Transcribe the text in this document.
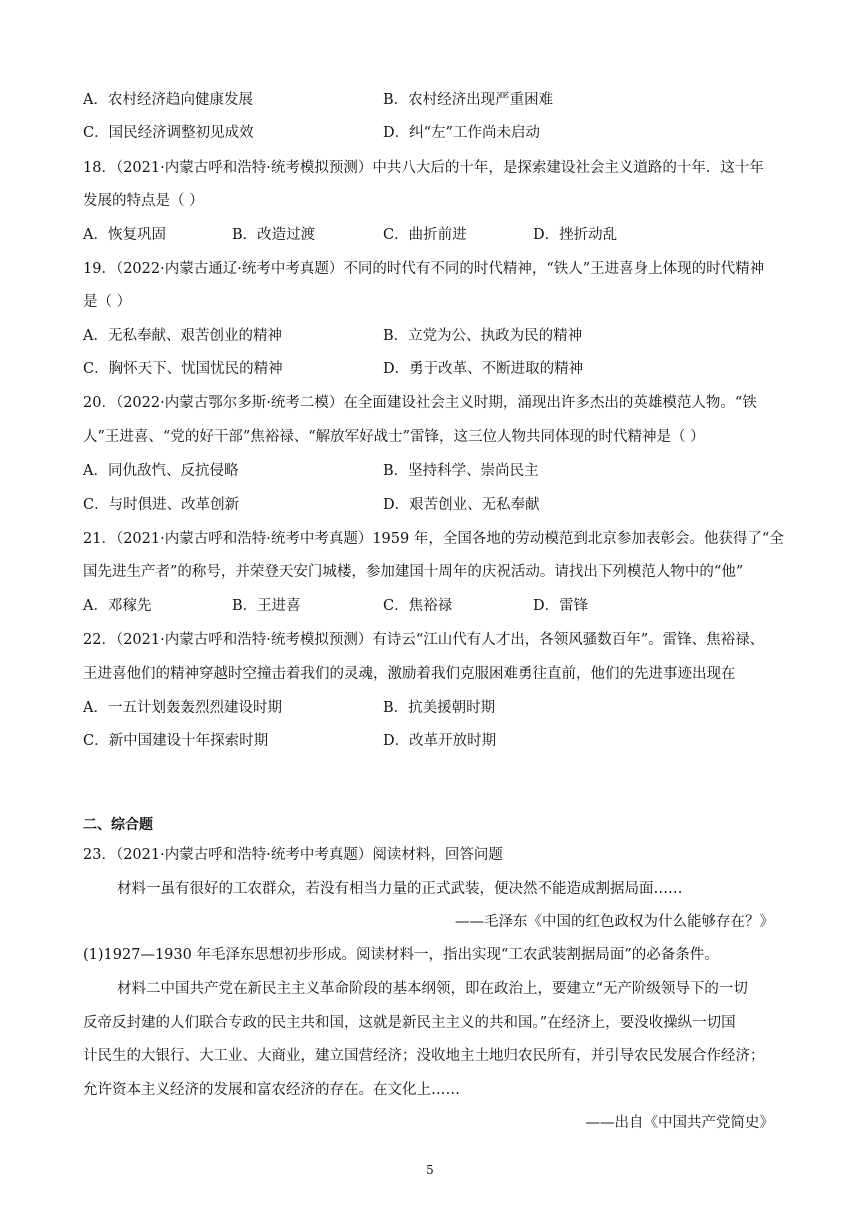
A．农村经济趋向健康发展	B．农村经济出现严重困难
C．国民经济调整初见成效	D．纠“左”工作尚未启动
18．（2021·内蒙古呼和浩特·统考模拟预测）中共八大后的十年，是探索建设社会主义道路的十年．这十年
发展的特点是（ ）
A．恢复巩固	B．改造过渡	C．曲折前进	D．挫折动乱
19．（2022·内蒙古通辽·统考中考真题）不同的时代有不同的时代精神，“铁人”王进喜身上体现的时代精神
是（ ）
A．无私奉献、艰苦创业的精神	B．立党为公、执政为民的精神
C．胸怀天下、忧国忧民的精神	D．勇于改革、不断进取的精神
20．（2022·内蒙古鄂尔多斯·统考二模）在全面建设社会主义时期，涌现出许多杰出的英雄模范人物。“铁
人”王进喜、“党的好干部”焦裕禄、“解放军好战士”雷锋，这三位人物共同体现的时代精神是（ ）
A．同仇敌忾、反抗侵略	B．坚持科学、崇尚民主
C．与时俱进、改革创新	D．艰苦创业、无私奉献
21．（2021·内蒙古呼和浩特·统考中考真题）1959 年，全国各地的劳动模范到北京参加表彰会。他获得了“全
国先进生产者”的称号，并荣登天安门城楼，参加建国十周年的庆祝活动。请找出下列模范人物中的“他”
A．邓稼先	B．王进喜	C．焦裕禄	D．雷锋
22．（2021·内蒙古呼和浩特·统考模拟预测）有诗云“江山代有人才出，各领风骚数百年”。雷锋、焦裕禄、
王进喜他们的精神穿越时空撞击着我们的灵魂，激励着我们克服困难勇往直前，他们的先进事迹出现在
A．一五计划轰轰烈烈建设时期	B．抗美援朝时期
C．新中国建设十年探索时期	D．改革开放时期
二、综合题
23．（2021·内蒙古呼和浩特·统考中考真题）阅读材料，回答问题
材料一虽有很好的工农群众，若没有相当力量的正式武装，便决然不能造成割据局面……
——毛泽东《中国的红色政权为什么能够存在？》
(1)1927—1930 年毛泽东思想初步形成。阅读材料一，指出实现“工农武装割据局面”的必备条件。
材料二中国共产党在新民主主义革命阶段的基本纲领，即在政治上，要建立“无产阶级领导下的一切
反帝反封建的人们联合专政的民主共和国，这就是新民主主义的共和国。”在经济上，要没收操纵一切国
计民生的大银行、大工业、大商业，建立国营经济；没收地主土地归农民所有，并引导农民发展合作经济；
允许资本主义经济的发展和富农经济的存在。在文化上……
——出自《中国共产党简史》
5
